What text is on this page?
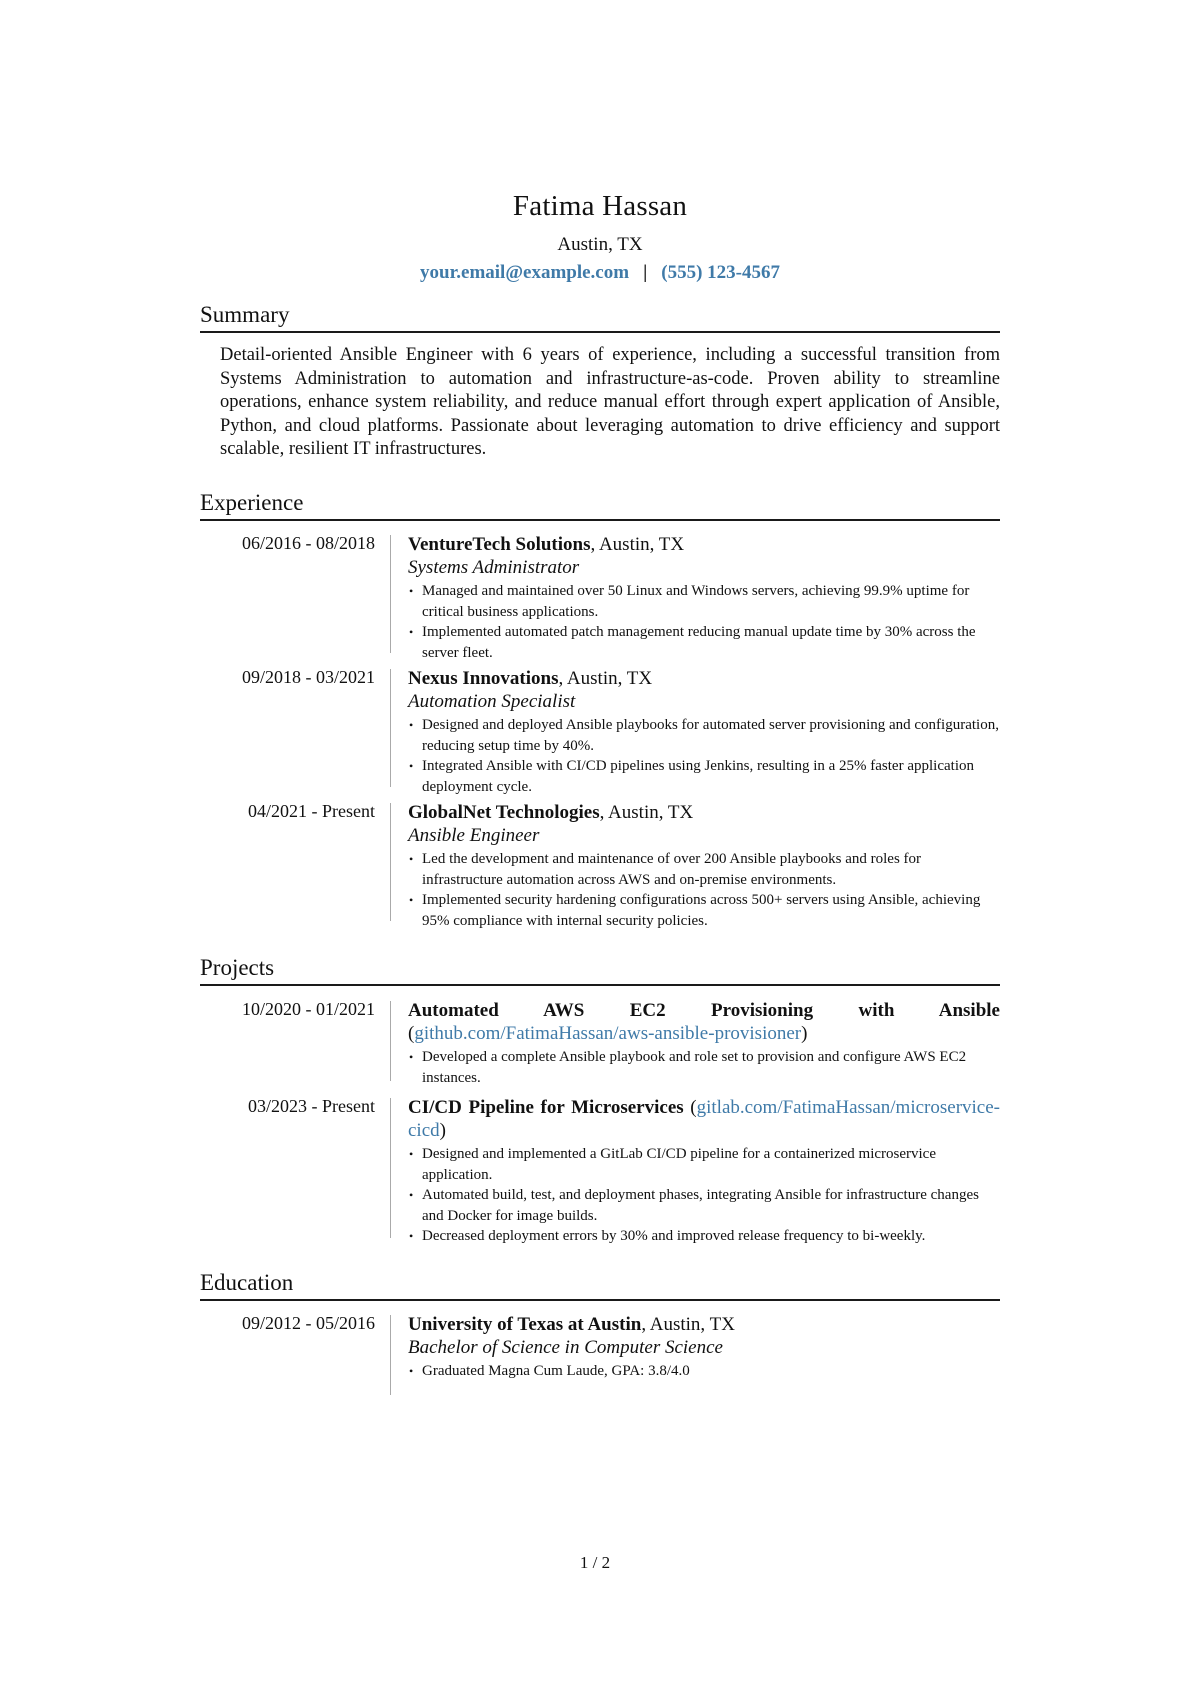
Fatima Hassan
Austin, TX
your.email@example.com | (555) 123-4567
Summary
Detail-oriented Ansible Engineer with 6 years of experience, including a successful transition from Systems Administration to automation and infrastructure-as-code. Proven ability to streamline operations, enhance system reliability, and reduce manual effort through expert application of Ansible, Python, and cloud platforms. Passionate about leveraging automation to drive efficiency and support scalable, resilient IT infrastructures.
Experience
06/2016 - 08/2018 VentureTech Solutions, Austin, TX
Systems Administrator
• Managed and maintained over 50 Linux and Windows servers, achieving 99.9% uptime for critical business applications.
• Implemented automated patch management reducing manual update time by 30% across the server fleet.
09/2018 - 03/2021 Nexus Innovations, Austin, TX
Automation Specialist
• Designed and deployed Ansible playbooks for automated server provisioning and configuration, reducing setup time by 40%.
• Integrated Ansible with CI/CD pipelines using Jenkins, resulting in a 25% faster application deployment cycle.
04/2021 - Present GlobalNet Technologies, Austin, TX
Ansible Engineer
• Led the development and maintenance of over 200 Ansible playbooks and roles for infrastructure automation across AWS and on-premise environments.
• Implemented security hardening configurations across 500+ servers using Ansible, achieving 95% compliance with internal security policies.
Projects
10/2020 - 01/2021 Automated AWS EC2 Provisioning with Ansible (github.com/FatimaHassan/aws-ansible-provisioner)
• Developed a complete Ansible playbook and role set to provision and configure AWS EC2 instances.
03/2023 - Present CI/CD Pipeline for Microservices (gitlab.com/FatimaHassan/microservice-cicd)
• Designed and implemented a GitLab CI/CD pipeline for a containerized microservice application.
• Automated build, test, and deployment phases, integrating Ansible for infrastructure changes and Docker for image builds.
• Decreased deployment errors by 30% and improved release frequency to bi-weekly.
Education
09/2012 - 05/2016 University of Texas at Austin, Austin, TX
Bachelor of Science in Computer Science
• Graduated Magna Cum Laude, GPA: 3.8/4.0
1 / 2
